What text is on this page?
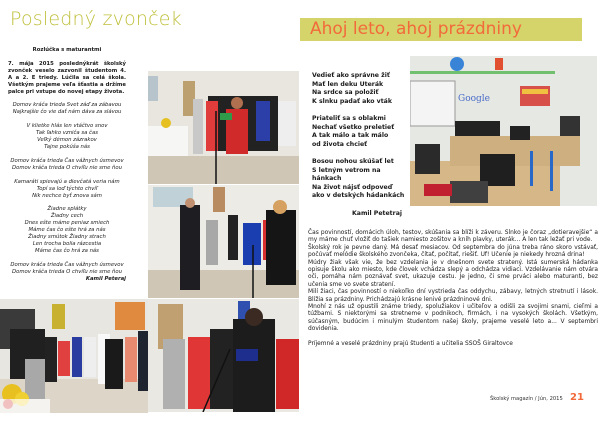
Posledný zvonček	Ahoj leto, ahoj prázdniny
Rozlúčka s maturantmi
7. mája 2015 poslednýkrát školský zvonček veselo zazvonil študentom 4. A a 2. E triedy. Lúčila sa celá škola. Všetkým prajeme veľa šťastia a držíme palce pri vstupe do novej etapy života.
Domov kráča trieda Svet záď za zábavou
Najkrajšie čo vie dať nám dáva za slávou
V klietke hlás len vtáčtvo snov
Tak ľahko vzniča sa čas
Veľký démon zázrakov
Tajne pokúša nás
Domov kráča trieda Čas vážnych úsmevov
Domov kráča trieda O chvíľu nie sme ňou
Kamaráti spievajú a dievčatá veria nám
Topí sa loď týchto chvíľ
Nik nechce byť znova sám
Žiadne splátky
Žiadny cech
Dnes ešte máme peniaz smiech
Máme čas čo ešte hrá za nás
Žiadny smútok Žiadny strach
Len trocha bolia rázcestia
Máme čas čo hrá za nás
Domov kráča trieda Čas vážnych úsmevov
Domov kráča trieda O chvíľu nie sme ňou
Kamil Peteraj
Vedieť ako správne žiť
Mať len deku Uterák
Na srdce sa položiť
K slnku padať ako vták
Priateliť sa s oblakmi
Nechať všetko preletieť
A tak málo a tak málo
od života chcieť
Bosou nohou skúšať let
S letným vetrom na hánkach
Na život nájsť odpoveď
ako v detských hádankách
Kamil Petetraj

Čas povinností, domácich úloh, testov, skúšania sa blíži k záveru. Slnko je čoraz „dotieravejšie“ a my máme chuť vložiť do tašiek namiesto zošitov a kníh plavky, uterák... A len tak ležať pri vode.

Školský rok je pevne daný. Má desať mesiacov. Od septembra do júna treba ráno skoro vstávať, počúvať melódie školského zvončeka, čítať, počítať, riešiť. Uf! Učenie je niekedy hrozná drina!

Múdry žiak však vie, že bez vzdelania je v dnešnom svete stratený. Istá sumerská hádanka opisuje školu ako miesto, kde človek vchádza slepý a odchádza vidiaci. Vzdelávanie nám otvára oči, pomáha nám poznávať svet, ukazuje cestu. Je jedno, či sme prváci alebo maturanti, bez učenia sme vo svete stratení.

Milí žiaci, čas povinností o niekoľko dní vystrieda čas oddychu, zábavy, letných stretnutí i lások. Blížia sa prázdniny. Prichádzajú krásne lenivé prázdninové dni.

Mnohí z nás už opustili známe triedy, spolužiakov i učiteľov a odišli za svojimi snami, cieľmi a túžbami. S niektorými sa stretneme v podnikoch, firmách, i na vysokých školách. Všetkým, súčasným, budúcim i minulým študentom našej školy, prajeme veselé leto a... V septembri dovidenia.

Príjemné a veselé prázdniny prajú študenti a učitelia SSOŠ Giraltovce

Školský magazín / Jún, 2015 21
Google
